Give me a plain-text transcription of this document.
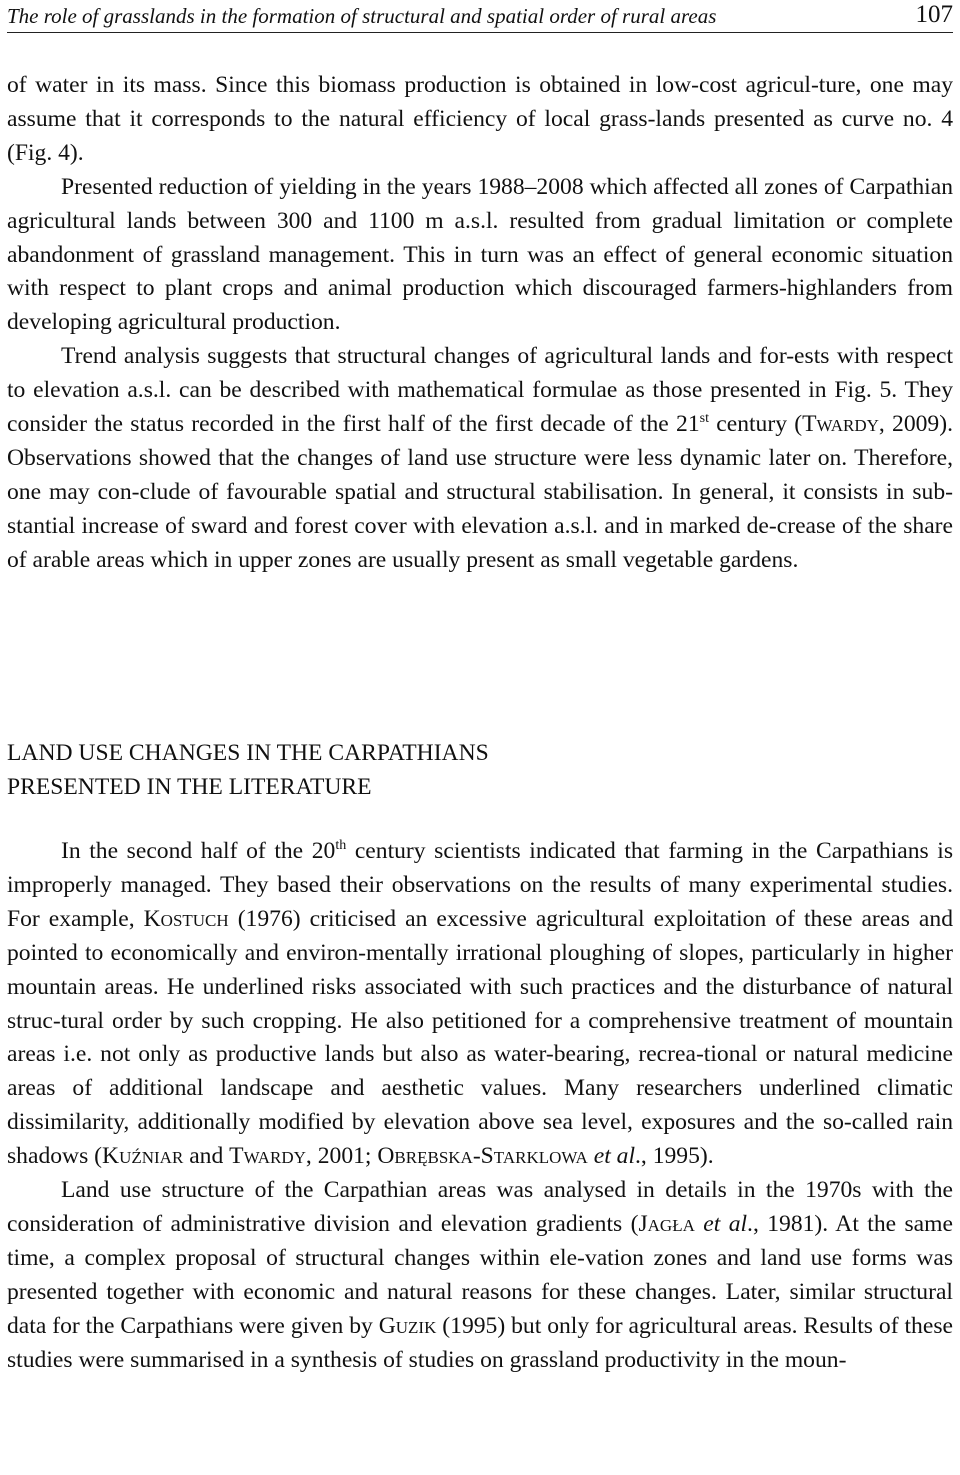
The role of grasslands in the formation of structural and spatial order of rural areas	107

of water in its mass. Since this biomass production is obtained in low-cost agricul-ture, one may assume that it corresponds to the natural efficiency of local grass-lands presented as curve no. 4 (Fig. 4).

Presented reduction of yielding in the years 1988–2008 which affected all zones of Carpathian agricultural lands between 300 and 1100 m a.s.l. resulted from gradual limitation or complete abandonment of grassland management. This in turn was an effect of general economic situation with respect to plant crops and animal production which discouraged farmers-highlanders from developing agricultural production.

Trend analysis suggests that structural changes of agricultural lands and for-ests with respect to elevation a.s.l. can be described with mathematical formulae as those presented in Fig. 5. They consider the status recorded in the first half of the first decade of the 21st century (Twardy, 2009). Observations showed that the changes of land use structure were less dynamic later on. Therefore, one may con-clude of favourable spatial and structural stabilisation. In general, it consists in sub-stantial increase of sward and forest cover with elevation a.s.l. and in marked de-crease of the share of arable areas which in upper zones are usually present as small vegetable gardens.

LAND USE CHANGES IN THE CARPATHIANS
PRESENTED IN THE LITERATURE

In the second half of the 20th century scientists indicated that farming in the Carpathians is improperly managed. They based their observations on the results of many experimental studies. For example, Kostuch (1976) criticised an excessive agricultural exploitation of these areas and pointed to economically and environ-mentally irrational ploughing of slopes, particularly in higher mountain areas. He underlined risks associated with such practices and the disturbance of natural struc-tural order by such cropping. He also petitioned for a comprehensive treatment of mountain areas i.e. not only as productive lands but also as water-bearing, recrea-tional or natural medicine areas of additional landscape and aesthetic values. Many researchers underlined climatic dissimilarity, additionally modified by elevation above sea level, exposures and the so-called rain shadows (Kuźniar and Twardy, 2001; Obrębska-Starklowa et al., 1995).

Land use structure of the Carpathian areas was analysed in details in the 1970s with the consideration of administrative division and elevation gradients (Jagła et al., 1981). At the same time, a complex proposal of structural changes within ele-vation zones and land use forms was presented together with economic and natural reasons for these changes. Later, similar structural data for the Carpathians were given by Guzik (1995) but only for agricultural areas. Results of these studies were summarised in a synthesis of studies on grassland productivity in the moun-
